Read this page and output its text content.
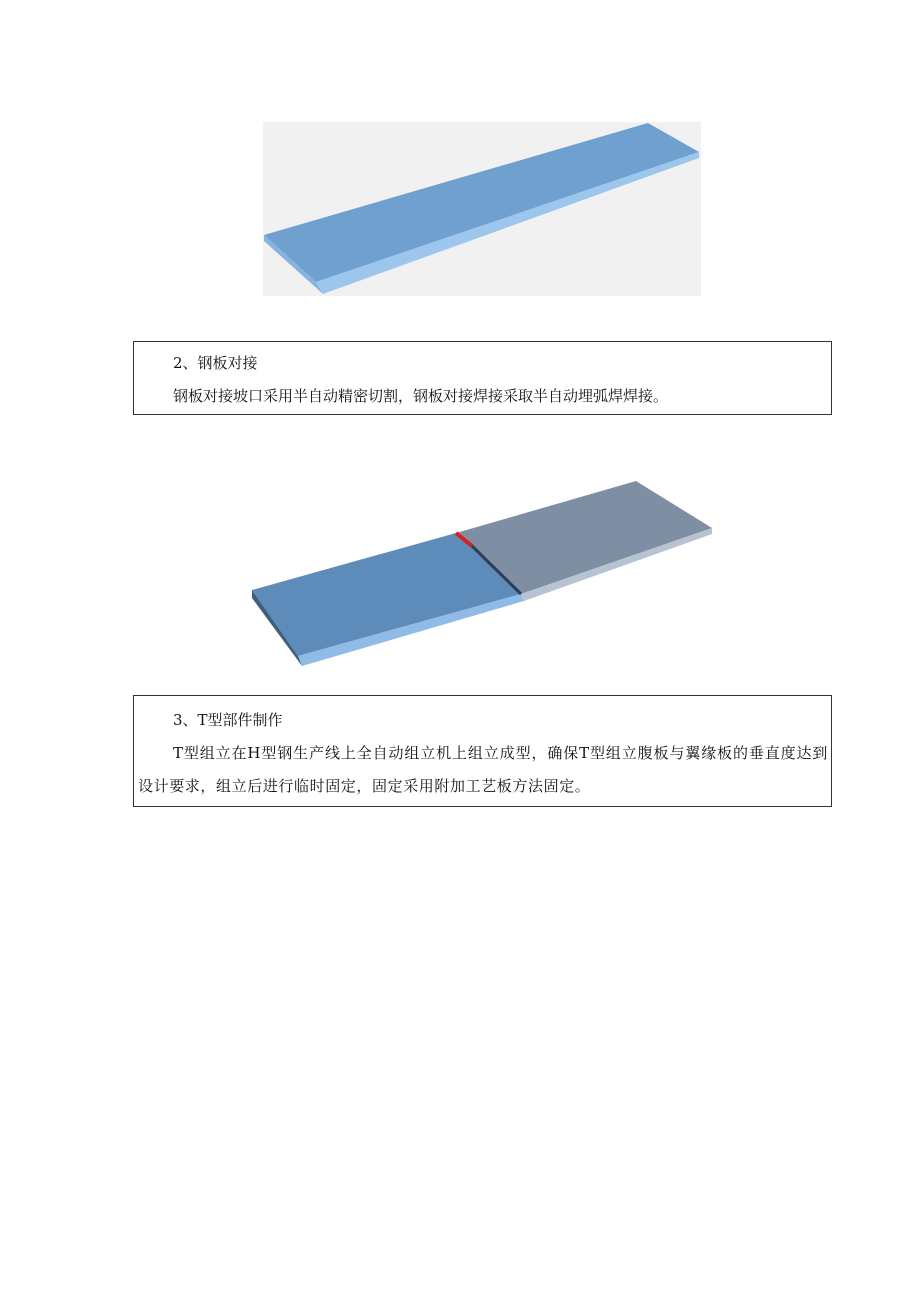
2、钢板对接
钢板对接坡口采用半自动精密切割，钢板对接焊接采取半自动埋弧焊焊接。
3、T型部件制作

T型组立在H型钢生产线上全自动组立机上组立成型，确保T型组立腹板与翼缘板的垂直度达到设计要求，组立后进行临时固定，固定采用附加工艺板方法固定。
